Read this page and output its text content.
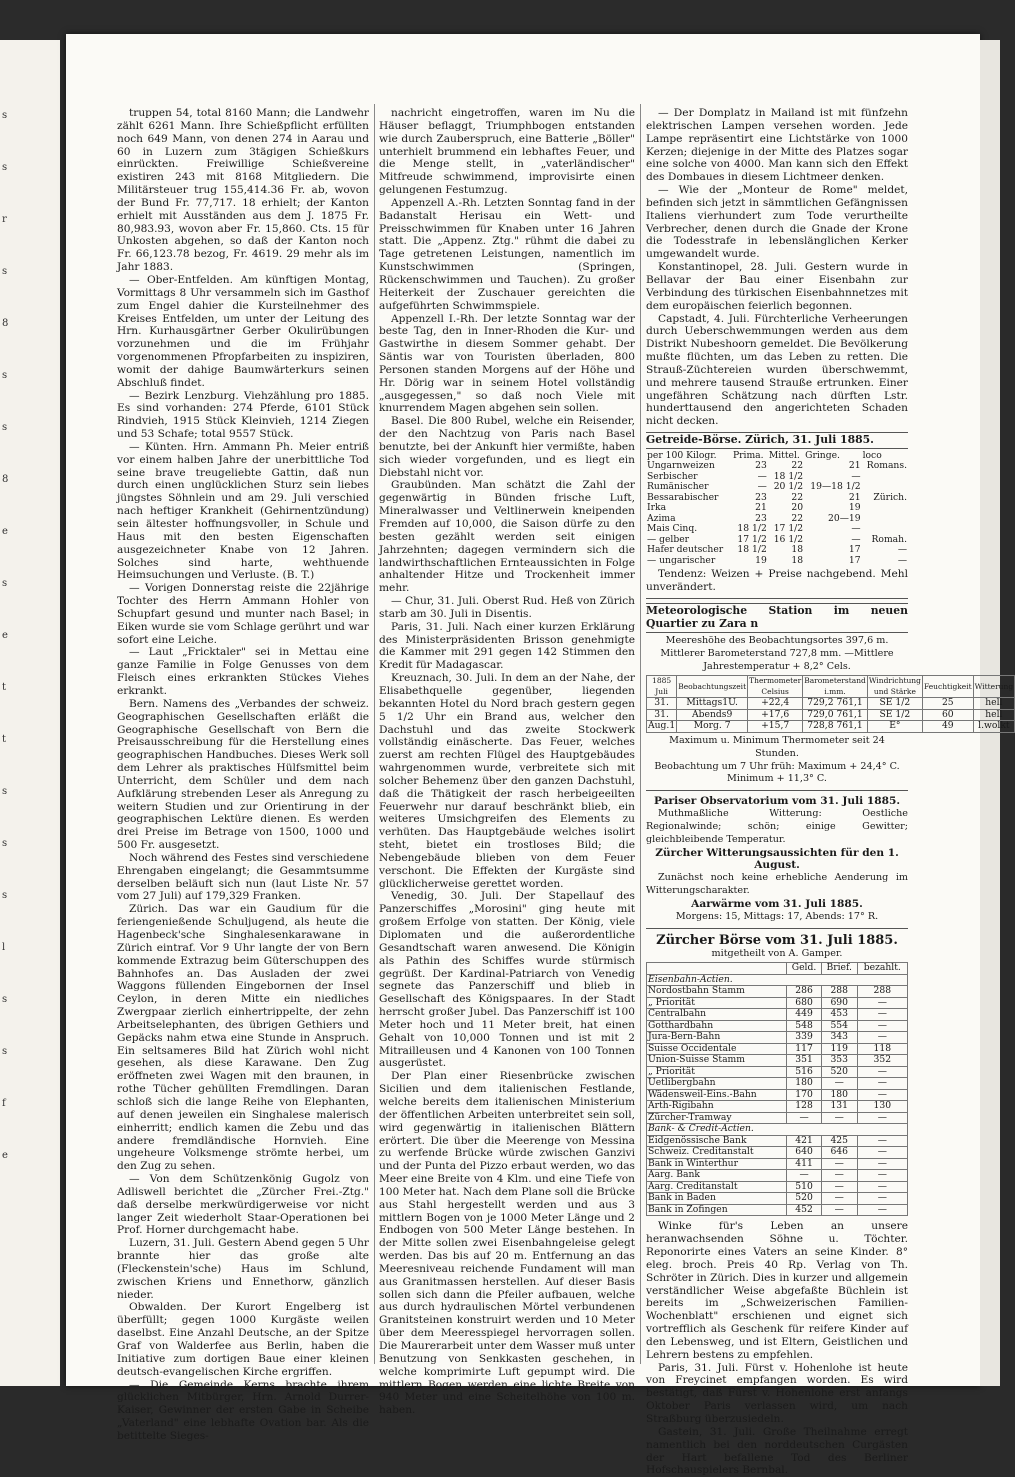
s
s
r
s
8
s
s
8
e
s
e
t
t
s
s
s
l
s
s
f
e

truppen 54, total 8160 Mann; die Landwehr zählt 6261 Mann. Ihre Schießpflicht erfüllten noch 649 Mann, von denen 274 in Aarau und 60 in Luzern zum 3tägigen Schießkurs einrückten. Freiwillige Schießvereine existiren 243 mit 8168 Mitgliedern. Die Militärsteuer trug 155,414.36 Fr. ab, wovon der Bund Fr. 77,717. 18 erhielt; der Kanton erhielt mit Ausständen aus dem J. 1875 Fr. 80,983.93, wovon aber Fr. 15,860. Cts. 15 für Unkosten abgehen, so daß der Kanton noch Fr. 66,123.78 bezog, Fr. 4619. 29 mehr als im Jahr 1883.

— Ober-Entfelden. Am künftigen Montag, Vormittags 8 Uhr versammeln sich im Gasthof zum Engel dahier die Kursteilnehmer des Kreises Entfelden, um unter der Leitung des Hrn. Kurhausgärtner Gerber Okulirübungen vorzunehmen und die im Frühjahr vorgenommenen Pfropfarbeiten zu inspiziren, womit der dahige Baumwärterkurs seinen Abschluß findet.

— Bezirk Lenzburg. Viehzählung pro 1885. Es sind vorhanden: 274 Pferde, 6101 Stück Rindvieh, 1915 Stück Kleinvieh, 1214 Ziegen und 53 Schafe; total 9557 Stück.

— Künten. Hrn. Ammann Ph. Meier entriß vor einem halben Jahre der unerbittliche Tod seine brave treugeliebte Gattin, daß nun durch einen unglücklichen Sturz sein liebes jüngstes Söhnlein und am 29. Juli verschied nach heftiger Krankheit (Gehirnentzündung) sein ältester hoffnungsvoller, in Schule und Haus mit den besten Eigenschaften ausgezeichneter Knabe von 12 Jahren. Solches sind harte, wehthuende Heimsuchungen und Verluste. (B. T.)

— Vorigen Donnerstag reiste die 22jährige Tochter des Herrn Ammann Hohler von Schupfart gesund und munter nach Basel; in Eiken wurde sie vom Schlage gerührt und war sofort eine Leiche.

— Laut „Fricktaler" sei in Mettau eine ganze Familie in Folge Genusses von dem Fleisch eines erkrankten Stückes Viehes erkrankt.

Bern. Namens des „Verbandes der schweiz. Geographischen Gesellschaften erläßt die Geographische Gesellschaft von Bern die Preisausschreibung für die Herstellung eines geographischen Handbuches. Dieses Werk soll dem Lehrer als praktisches Hülfsmittel beim Unterricht, dem Schüler und dem nach Aufklärung strebenden Leser als Anregung zu weitern Studien und zur Orientirung in der geographischen Lektüre dienen. Es werden drei Preise im Betrage von 1500, 1000 und 500 Fr. ausgesetzt.

Noch während des Festes sind verschiedene Ehrengaben eingelangt; die Gesammtsumme derselben beläuft sich nun (laut Liste Nr. 57 vom 27 Juli) auf 179,329 Franken.

Zürich. Das war ein Gaudium für die feriengenießende Schuljugend, als heute die Hagenbeck'sche Singhalesenkarawane in Zürich eintraf. Vor 9 Uhr langte der von Bern kommende Extrazug beim Güterschuppen des Bahnhofes an. Das Ausladen der zwei Waggons füllenden Eingebornen der Insel Ceylon, in deren Mitte ein niedliches Zwergpaar zierlich einhertrippelte, der zehn Arbeitselephanten, des übrigen Gethiers und Gepäcks nahm etwa eine Stunde in Anspruch. Ein seltsameres Bild hat Zürich wohl nicht gesehen, als diese Karawane. Den Zug eröffneten zwei Wagen mit den braunen, in rothe Tücher gehüllten Fremdlingen. Daran schloß sich die lange Reihe von Elephanten, auf denen jeweilen ein Singhalese malerisch einherritt; endlich kamen die Zebu und das andere fremdländische Hornvieh. Eine ungeheure Volksmenge strömte herbei, um den Zug zu sehen.

— Von dem Schützenkönig Gugolz von Adliswell berichtet die „Zürcher Frei.-Ztg." daß derselbe merkwürdigerweise vor nicht langer Zeit wiederholt Staar-Operationen bei Prof. Horner durchgemacht habe.

Luzern, 31. Juli. Gestern Abend gegen 5 Uhr brannte hier das große alte (Fleckenstein'sche) Haus im Schlund, zwischen Kriens und Ennethorw, gänzlich nieder.

Obwalden. Der Kurort Engelberg ist überfüllt; gegen 1000 Kurgäste weilen daselbst. Eine Anzahl Deutsche, an der Spitze Graf von Walderfee aus Berlin, haben die Initiative zum dortigen Baue einer kleinen deutsch-evangelischen Kirche ergriffen.

— Die Gemeinde Kerns brachte ihrem glücklichen Mitbürger, Hrn. Arnold Durrer-Kaiser, Gewinner der ersten Gabe in Scheibe „Vaterland" eine lebhafte Ovation bar. Als die betittelte Sieges-

nachricht eingetroffen, waren im Nu die Häuser beflaggt, Triumphbogen entstanden wie durch Zauberspruch, eine Batterie „Böller" unterhielt brummend ein lebhaftes Feuer, und die Menge stellt, in „vaterländischer" Mitfreude schwimmend, improvisirte einen gelungenen Festumzug.

Appenzell A.-Rh. Letzten Sonntag fand in der Badanstalt Herisau ein Wett- und Preisschwimmen für Knaben unter 16 Jahren statt. Die „Appenz. Ztg." rühmt die dabei zu Tage getretenen Leistungen, namentlich im Kunstschwimmen (Springen, Rückenschwimmen und Tauchen). Zu großer Heiterkeit der Zuschauer gereichten die aufgeführten Schwimmspiele.

Appenzell I.-Rh. Der letzte Sonntag war der beste Tag, den in Inner-Rhoden die Kur- und Gastwirthe in diesem Sommer gehabt. Der Säntis war von Touristen überladen, 800 Personen standen Morgens auf der Höhe und Hr. Dörig war in seinem Hotel vollständig „ausgegessen," so daß noch Viele mit knurrendem Magen abgehen sein sollen.

Basel. Die 800 Rubel, welche ein Reisender, der den Nachtzug von Paris nach Basel benutzte, bei der Ankunft hier vermißte, haben sich wieder vorgefunden, und es liegt ein Diebstahl nicht vor.

Graubünden. Man schätzt die Zahl der gegenwärtig in Bünden frische Luft, Mineralwasser und Veltlinerwein kneipenden Fremden auf 10,000, die Saison dürfe zu den besten gezählt werden seit einigen Jahrzehnten; dagegen vermindern sich die landwirthschaftlichen Ernteaussichten in Folge anhaltender Hitze und Trockenheit immer mehr.

— Chur, 31. Juli. Oberst Rud. Heß von Zürich starb am 30. Juli in Disentis.

Paris, 31. Juli. Nach einer kurzen Erklärung des Ministerpräsidenten Brisson genehmigte die Kammer mit 291 gegen 142 Stimmen den Kredit für Madagascar.

Kreuznach, 30. Juli. In dem an der Nahe, der Elisabethquelle gegenüber, liegenden bekannten Hotel du Nord brach gestern gegen 5 1/2 Uhr ein Brand aus, welcher den Dachstuhl und das zweite Stockwerk vollständig einäscherte. Das Feuer, welches zuerst am rechten Flügel des Hauptgebäudes wahrgenommen wurde, verbreitete sich mit solcher Behemenz über den ganzen Dachstuhl, daß die Thätigkeit der rasch herbeigeeilten Feuerwehr nur darauf beschränkt blieb, ein weiteres Umsichgreifen des Elements zu verhüten. Das Hauptgebäude welches isolirt steht, bietet ein trostloses Bild; die Nebengebäude blieben von dem Feuer verschont. Die Effekten der Kurgäste sind glücklicherweise gerettet worden.

Venedig, 30. Juli. Der Stapellauf des Panzerschiffes „Morosini" ging heute mit großem Erfolge von statten. Der König, viele Diplomaten und die außerordentliche Gesandtschaft waren anwesend. Die Königin als Pathin des Schiffes wurde stürmisch gegrüßt. Der Kardinal-Patriarch von Venedig segnete das Panzerschiff und blieb in Gesellschaft des Königspaares. In der Stadt herrscht großer Jubel. Das Panzerschiff ist 100 Meter hoch und 11 Meter breit, hat einen Gehalt von 10,000 Tonnen und ist mit 2 Mitrailleusen und 4 Kanonen von 100 Tonnen ausgerüstet.

Der Plan einer Riesenbrücke zwischen Sicilien und dem italienischen Festlande, welche bereits dem italienischen Ministerium der öffentlichen Arbeiten unterbreitet sein soll, wird gegenwärtig in italienischen Blättern erörtert. Die über die Meerenge von Messina zu werfende Brücke würde zwischen Ganzivi und der Punta del Pizzo erbaut werden, wo das Meer eine Breite von 4 Klm. und eine Tiefe von 100 Meter hat. Nach dem Plane soll die Brücke aus Stahl hergestellt werden und aus 3 mittlern Bogen von je 1000 Meter Länge und 2 Endbogen von 500 Meter Länge bestehen. In der Mitte sollen zwei Eisenbahngeleise gelegt werden. Das bis auf 20 m. Entfernung an das Meeresniveau reichende Fundament will man aus Granitmassen herstellen. Auf dieser Basis sollen sich dann die Pfeiler aufbauen, welche aus durch hydraulischen Mörtel verbundenen Granitsteinen konstruirt werden und 10 Meter über dem Meeresspiegel hervorragen sollen. Die Maurerarbeit unter dem Wasser muß unter Benutzung von Senkkasten geschehen, in welche komprimirte Luft gepumpt wird. Die mittlern Bogen werden eine lichte Breite von 940 Meter und eine Scheitelhöhe von 100 m. haben.

— Der Domplatz in Mailand ist mit fünfzehn elektrischen Lampen versehen worden. Jede Lampe repräsentirt eine Lichtstärke von 1000 Kerzen; diejenige in der Mitte des Platzes sogar eine solche von 4000. Man kann sich den Effekt des Dombaues in diesem Lichtmeer denken.

— Wie der „Monteur de Rome" meldet, befinden sich jetzt in sämmtlichen Gefängnissen Italiens vierhundert zum Tode verurtheilte Verbrecher, denen durch die Gnade der Krone die Todesstrafe in lebenslänglichen Kerker umgewandelt wurde.

Konstantinopel, 28. Juli. Gestern wurde in Bellavar der Bau einer Eisenbahn zur Verbindung des türkischen Eisenbahnnetzes mit dem europäischen feierlich begonnen.

Capstadt, 4. Juli. Fürchterliche Verheerungen durch Ueberschwemmungen werden aus dem Distrikt Nubeshoorn gemeldet. Die Bevölkerung mußte flüchten, um das Leben zu retten. Die Strauß-Züchtereien wurden überschwemmt, und mehrere tausend Strauße ertrunken. Einer ungefähren Schätzung nach dürften Lstr. hunderttausend den angerichteten Schaden nicht decken.

Getreide-Börse. Zürich, 31. Juli 1885.
per 100 Kilogr.	Prima.	Mittel.	Gringe.	loco
Ungarnweizen	23	22	21	Romans.
Serbischer	—	18 1/2	—	
Rumänischer	—	20 1/2	19—18 1/2	
Bessarabischer	23	22	21	Zürich.
Irka	21	20	19	
Azima	23	22	20—19	
Mais Cinq.	18 1/2	17 1/2	—	
— gelber	17 1/2	16 1/2	—	Romah.
Hafer deutscher	18 1/2	18	17	—
— ungarischer	19	18	17	—

Tendenz: Weizen + Preise nachgebend. Mehl unverändert.

Meteorologische Station im neuen Quartier zu Zara n
Meereshöhe des Beobachtungsortes 397,6 m.
Mittlerer Barometerstand 727,8 mm. —Mittlere Jahrestemperatur + 8,2° Cels.
1885 Juli	Beobachtungszeit	Thermometer Celsius	Barometerstand i.mm.	Windrichtung und Stärke	Feuchtigkeit	Witterung
31.	Mittags1U.	+22,4	729,2 761,1	SE 1/2	25	hell
31.	Abends9	+17,6	729,0 761,1	SE 1/2	60	hell
Aug.1	Morg. 7	+15,7	728,8 761,1	E°	49	l.wolkt
Maximum u. Minimum Thermometer seit 24 Stunden.
Beobachtung um 7 Uhr früh: Maximum + 24,4° C.
Minimum + 11,3° C.
Pariser Observatorium vom 31. Juli 1885.

Muthmaßliche Witterung: Oestliche Regionalwinde; schön; einige Gewitter; gleichbleibende Temperatur.

Zürcher Witterungsaussichten für den 1. August.

Zunächst noch keine erhebliche Aenderung im Witterungscharakter.

Aarwärme vom 31. Juli 1885.
Morgens: 15, Mittags: 17, Abends: 17° R.
Zürcher Börse vom 31. Juli 1885.
mitgetheilt von A. Gamper.
	Geld.	Brief.	bezahlt.
Eisenbahn-Actien.			
Nordostbahn Stamm	286	288	288
„ Priorität	680	690	—
Centralbahn	449	453	—
Gotthardbahn	548	554	—
Jura-Bern-Bahn	339	343	—
Suisse Occidentale	117	119	118
Union-Suisse Stamm	351	353	352
„ Priorität	516	520	—
Uetlibergbahn	180	—	—
Wädensweil-Eins.-Bahn	170	180	—
Arth-Rigibahn	128	131	130
Zürcher-Tramway	—	—	—
Bank- & Credit-Actien.			
Eidgenössische Bank	421	425	—
Schweiz. Creditanstalt	640	646	—
Bank in Winterthur	411	—	—
Aarg. Bank	—	—	—
Aarg. Creditanstalt	510	—	—
Bank in Baden	520	—	—
Bank in Zofingen	452	—	—

Winke für's Leben an unsere heranwachsenden Söhne u. Töchter. Reponorirte eines Vaters an seine Kinder. 8° eleg. broch. Preis 40 Rp. Verlag von Th. Schröter in Zürich. Dies in kurzer und allgemein verständlicher Weise abgefaßte Büchlein ist bereits im „Schweizerischen Familien-Wochenblatt" erschienen und eignet sich vortrefflich als Geschenk für reifere Kinder auf den Lebensweg, und ist Eltern, Geistlichen und Lehrern bestens zu empfehlen.

Paris, 31. Juli. Fürst v. Hohenlohe ist heute von Freycinet empfangen worden. Es wird bestätigt, daß Fürst v. Hohenlohe erst anfangs Oktober Paris verlassen wird, um nach Straßburg überzusiedeln.

Gastein, 31. Juli. Große Theilnahme erregt namentlich bei den norddeutschen Curgästen der Hart befallene Tod des Berliner Hofschauspielers Bernbal.
